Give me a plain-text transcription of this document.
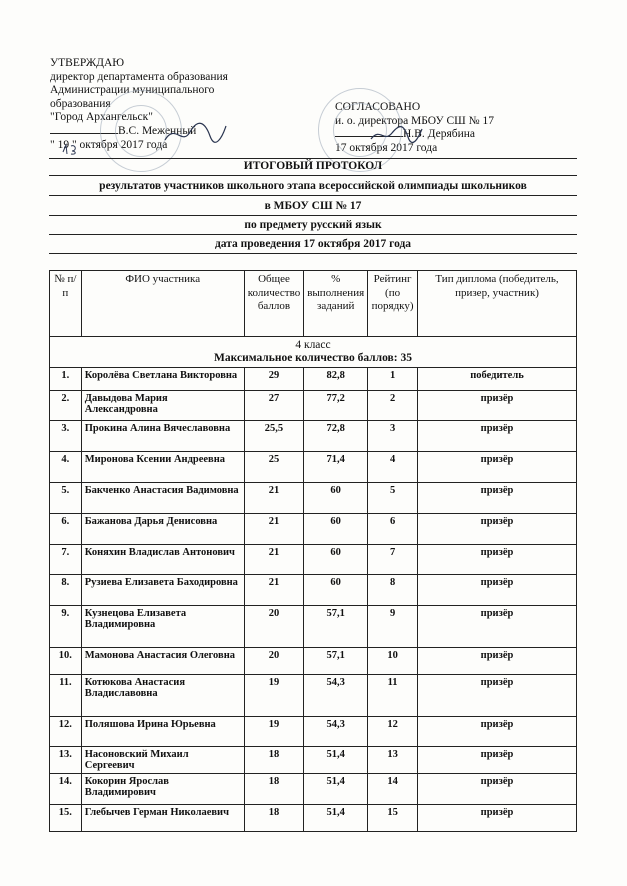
УТВЕРЖДАЮ
директор департамента образования
Администрации муниципального
образования
"Город Архангельск"
В.С. Меженный
" 19 " октября 2017 года
СОГЛАСОВАНО
и. о. директора МБОУ СШ № 17
Н.В. Дерябина
17 октября 2017 года
ИТОГОВЫЙ ПРОТОКОЛ
результатов участников школьного этапа всероссийской олимпиады школьников
в МБОУ СШ № 17
по предмету русский язык
дата проведения 17 октября 2017 года
№ п/п	ФИО участника	Общее количество баллов	% выполнения заданий	Рейтинг (по порядку)	Тип диплома (победитель, призер, участник)

4 класс
Максимальное количество баллов: 35					

1.	Королёва Светлана Викторовна	29	82,8	1	победитель
2.	Давыдова Мария Александровна	27	77,2	2	призёр
3.	Прокина Алина Вячеславовна	25,5	72,8	3	призёр
4.	Миронова Ксении Андреевна	25	71,4	4	призёр
5.	Бакченко Анастасия Вадимовна	21	60	5	призёр
6.	Бажанова Дарья Денисовна	21	60	6	призёр
7.	Коняхин Владислав Антонович	21	60	7	призёр
8.	Рузиева Елизавета Баходировна	21	60	8	призёр
9.	Кузнецова Елизавета Владимировна	20	57,1	9	призёр
10.	Мамонова Анастасия Олеговна	20	57,1	10	призёр
11.	Котюкова Анастасия Владиславовна	19	54,3	11	призёр
12.	Поляшова Ирина Юрьевна	19	54,3	12	призёр
13.	Насоновский Михаил Сергеевич	18	51,4	13	призёр
14.	Кокорин Ярослав Владимирович	18	51,4	14	призёр
15.	Глебычев Герман Николаевич	18	51,4	15	призёр
